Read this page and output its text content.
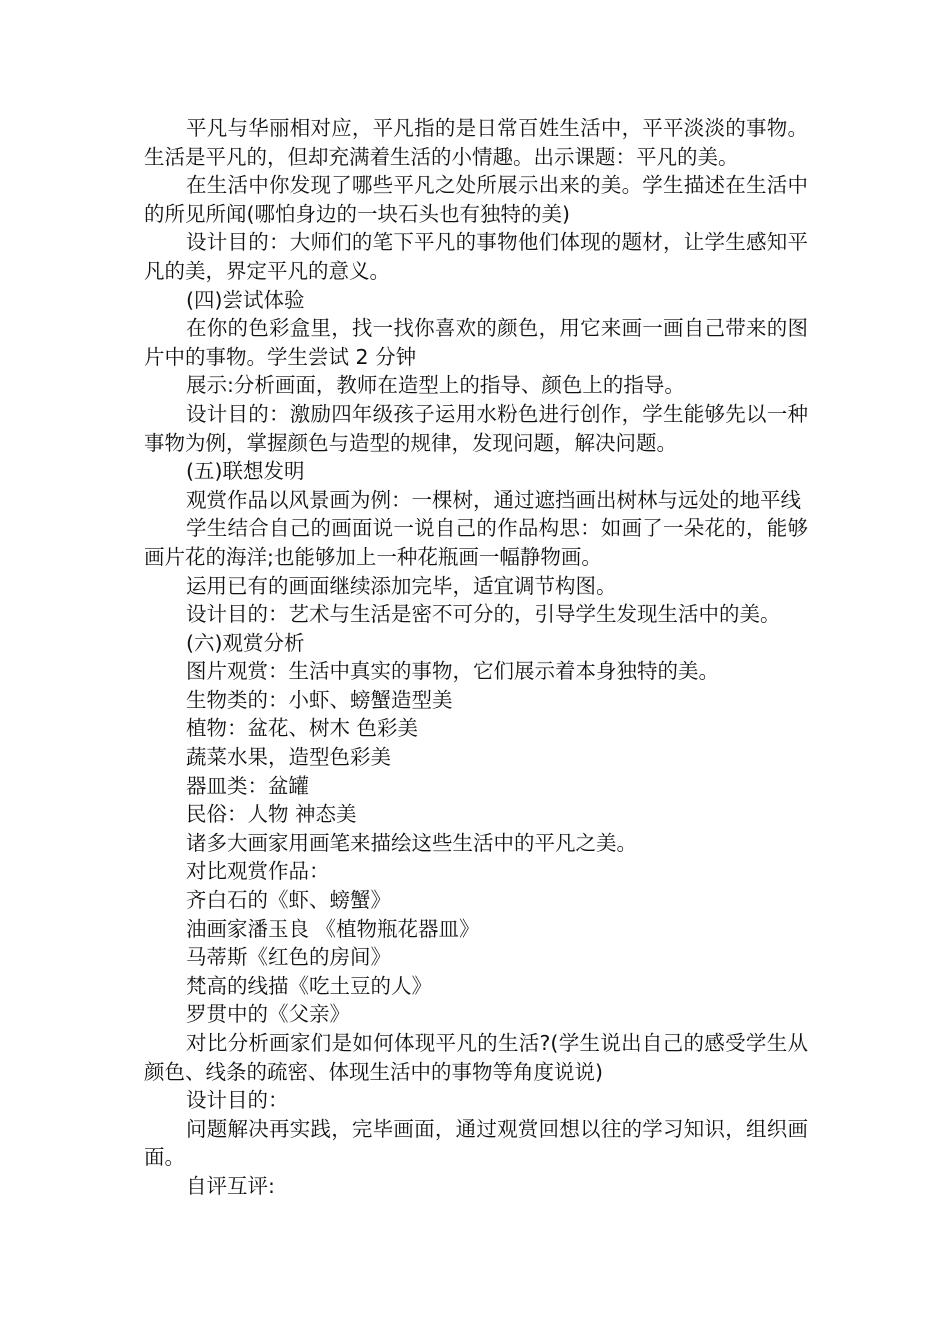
平凡与华丽相对应，平凡指的是日常百姓生活中，平平淡淡的事物。生活是平凡的，但却充满着生活的小情趣。出示课题：平凡的美。

在生活中你发现了哪些平凡之处所展示出来的美。学生描述在生活中的所见所闻(哪怕身边的一块石头也有独特的美)

设计目的：大师们的笔下平凡的事物他们体现的题材，让学生感知平凡的美，界定平凡的意义。

(四)尝试体验

在你的色彩盒里，找一找你喜欢的颜色，用它来画一画自己带来的图片中的事物。学生尝试 2 分钟

展示:分析画面，教师在造型上的指导、颜色上的指导。

设计目的：激励四年级孩子运用水粉色进行创作，学生能够先以一种事物为例，掌握颜色与造型的规律，发现问题，解决问题。

(五)联想发明

观赏作品以风景画为例：一棵树，通过遮挡画出树林与远处的地平线

学生结合自己的画面说一说自己的作品构思：如画了一朵花的，能够画片花的海洋;也能够加上一种花瓶画一幅静物画。

运用已有的画面继续添加完毕，适宜调节构图。

设计目的：艺术与生活是密不可分的，引导学生发现生活中的美。

(六)观赏分析

图片观赏：生活中真实的事物，它们展示着本身独特的美。

生物类的：小虾、螃蟹造型美

植物：盆花、树木 色彩美

蔬菜水果，造型色彩美

器皿类：盆罐

民俗：人物 神态美

诸多大画家用画笔来描绘这些生活中的平凡之美。

对比观赏作品：

齐白石的《虾、螃蟹》

油画家潘玉良 《植物瓶花器皿》

马蒂斯《红色的房间》

梵高的线描《吃土豆的人》

罗贯中的《父亲》

对比分析画家们是如何体现平凡的生活?(学生说出自己的感受学生从颜色、线条的疏密、体现生活中的事物等角度说说)

设计目的：

问题解决再实践，完毕画面，通过观赏回想以往的学习知识，组织画面。

自评互评:
